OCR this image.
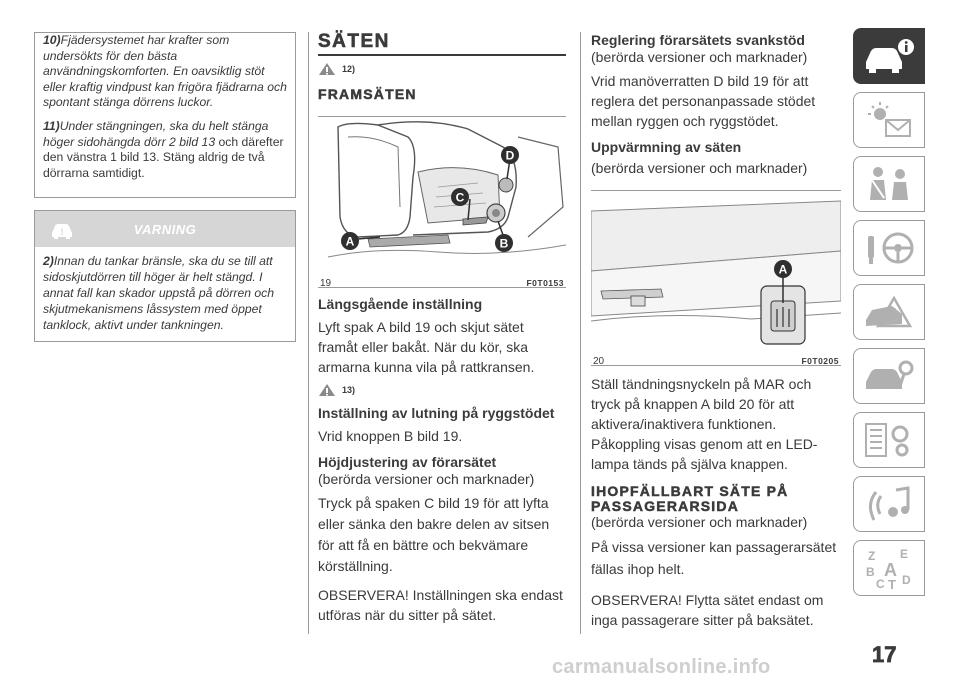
10)Fjädersystemet har krafter som undersökts för den bästa användningskomforten. En oavsiktlig stöt eller kraftig vindpust kan frigöra fjädrarna och spontant stänga dörrens luckor.

11)Under stängningen, ska du helt stänga höger sidohängda dörr 2 bild 13 och därefter den vänstra 1 bild 13. Stäng aldrig de två dörrarna samtidigt.

!	VARNING
2)Innan du tankar bränsle, ska du se till att sidoskjutdörren till höger är helt stängd. I annat fall kan skador uppstå på dörren och skjutmekanismens låssystem med öppet tanklock, aktivt under tankningen.
SÄTEN
12)
FRAMSÄTEN
A	B
C
D
19	F0T0153
Längsgående inställning

Lyft spak A bild 19 och skjut sätet framåt eller bakåt. När du kör, ska armarna kunna vila på rattkransen.

13)
Inställning av lutning på ryggstödet

Vrid knoppen B bild 19.

Höjdjustering av förarsätet

(berörda versioner och marknader)

Tryck på spaken C bild 19 för att lyfta eller sänka den bakre delen av sitsen för att få en bättre och bekvämare körställning.

OBSERVERA! Inställningen ska endast utföras när du sitter på sätet.

Reglering förarsätets svankstöd

(berörda versioner och marknader)

Vrid manöverratten D bild 19 för att reglera det personanpassade stödet mellan ryggen och ryggstödet.

Uppvärmning av säten

(berörda versioner och marknader)

A
20	F0T0205

Ställ tändningsnyckeln på MAR och tryck på knappen A bild 20 för att aktivera/inaktivera funktionen. Påkoppling visas genom att en LED-lampa tänds på själva knappen.

IHOPFÄLLBART SÄTE PÅ PASSAGERARSIDA

(berörda versioner och marknader)

På vissa versioner kan passagerarsätet fällas ihop helt.

OBSERVERA! Flytta sätet endast om inga passagerare sitter på baksätet.

Z E
B A
C T D
17
carmanualsonline.info
